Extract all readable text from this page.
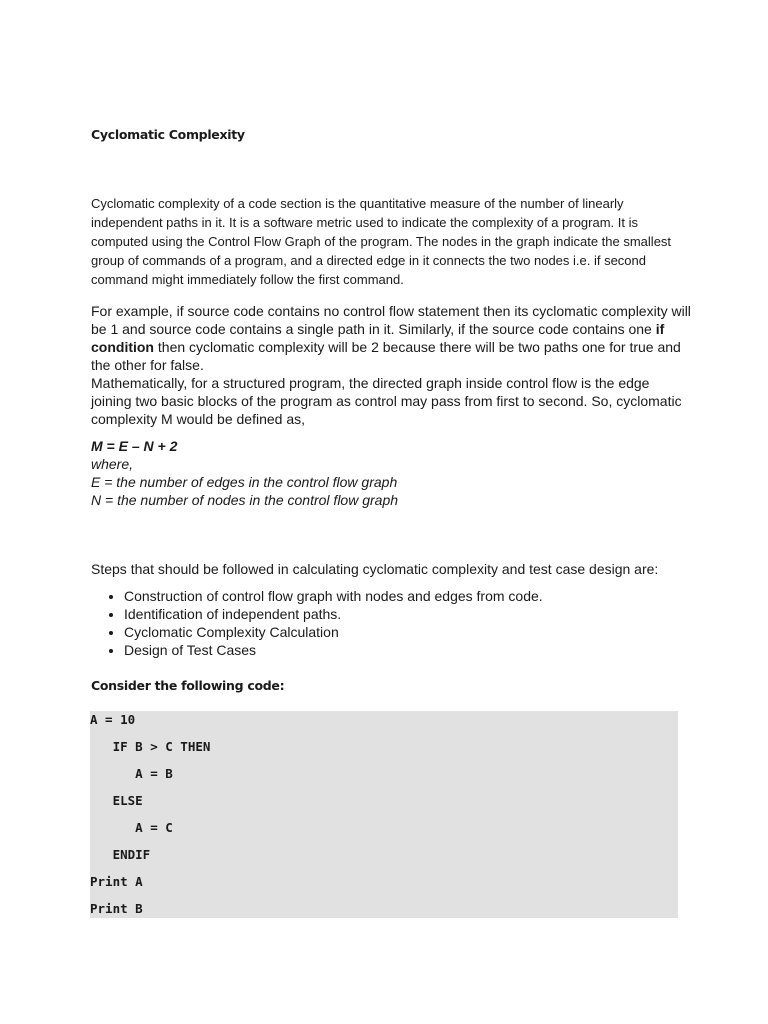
Cyclomatic Complexity

Cyclomatic complexity of a code section is the quantitative measure of the number of linearly independent paths in it. It is a software metric used to indicate the complexity of a program. It is computed using the Control Flow Graph of the program. The nodes in the graph indicate the smallest group of commands of a program, and a directed edge in it connects the two nodes i.e. if second command might immediately follow the first command.

For example, if source code contains no control flow statement then its cyclomatic complexity will be 1 and source code contains a single path in it. Similarly, if the source code contains one if condition then cyclomatic complexity will be 2 because there will be two paths one for true and the other for false.

Mathematically, for a structured program, the directed graph inside control flow is the edge joining two basic blocks of the program as control may pass from first to second. So, cyclomatic complexity M would be defined as,

M = E – N + 2
where,
E = the number of edges in the control flow graph
N = the number of nodes in the control flow graph
Steps that should be followed in calculating cyclomatic complexity and test case design are:
• Construction of control flow graph with nodes and edges from code.
• Identification of independent paths.
• Cyclomatic Complexity Calculation
• Design of Test Cases
Consider the following code:
A = 10
IF B > C THEN
A = B
ELSE
A = C
ENDIF
Print A
Print B
